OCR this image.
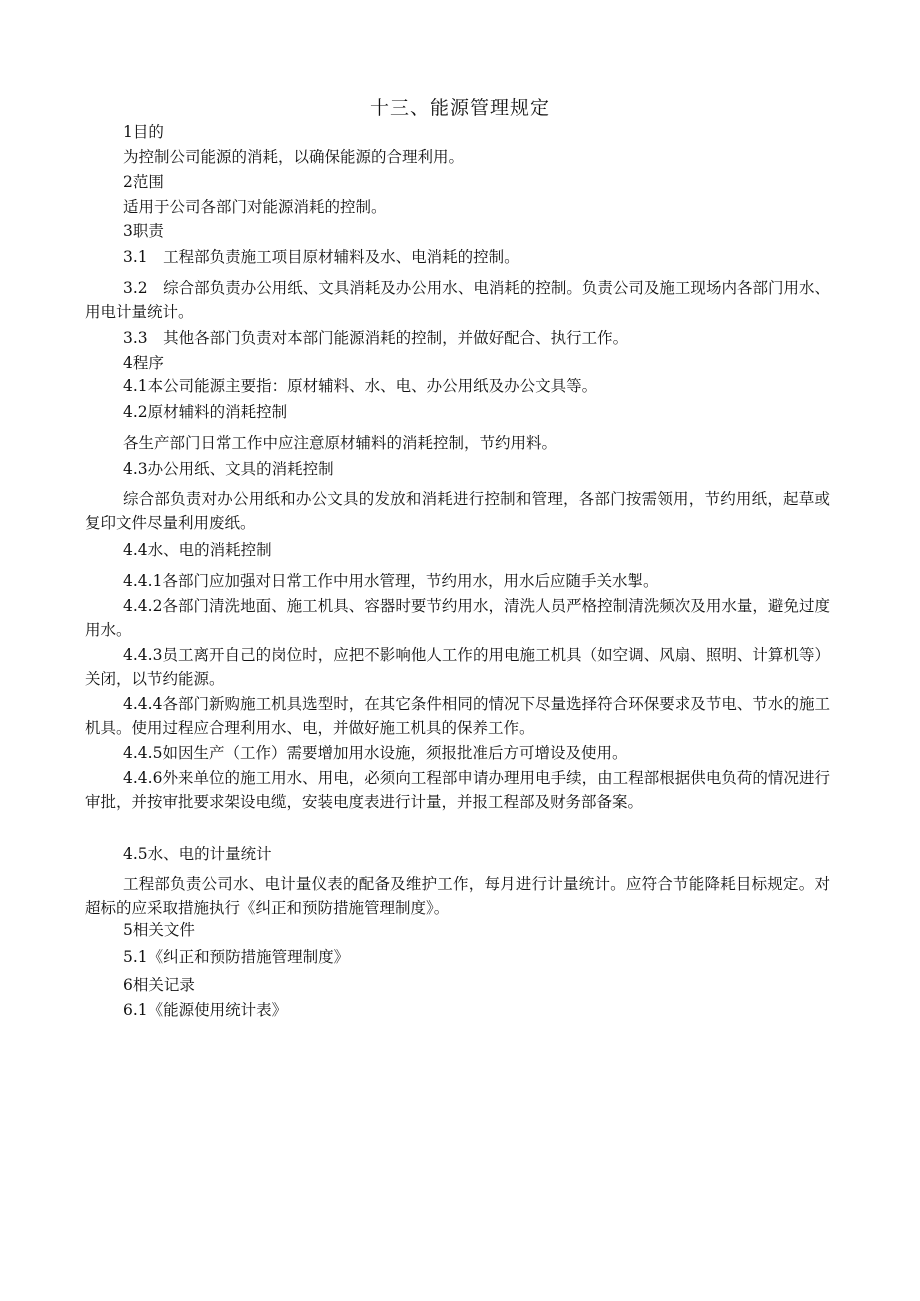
十三、能源管理规定
1目的
为控制公司能源的消耗，以确保能源的合理利用。
2范围
适用于公司各部门对能源消耗的控制。
3职责
3.1　工程部负责施工项目原材辅料及水、电消耗的控制。
3.2　综合部负责办公用纸、文具消耗及办公用水、电消耗的控制。负责公司及施工现场内各部门用水、用电计量统计。
3.3　其他各部门负责对本部门能源消耗的控制，并做好配合、执行工作。
4程序
4.1本公司能源主要指：原材辅料、水、电、办公用纸及办公文具等。
4.2原材辅料的消耗控制
各生产部门日常工作中应注意原材辅料的消耗控制，节约用料。
4.3办公用纸、文具的消耗控制
综合部负责对办公用纸和办公文具的发放和消耗进行控制和管理，各部门按需领用，节约用纸，起草或复印文件尽量利用废纸。
4.4水、电的消耗控制
4.4.1各部门应加强对日常工作中用水管理，节约用水，用水后应随手关水掣。
4.4.2各部门清洗地面、施工机具、容器时要节约用水，清洗人员严格控制清洗频次及用水量，避免过度用水。
4.4.3员工离开自己的岗位时，应把不影响他人工作的用电施工机具（如空调、风扇、照明、计算机等）关闭，以节约能源。
4.4.4各部门新购施工机具选型时，在其它条件相同的情况下尽量选择符合环保要求及节电、节水的施工机具。使用过程应合理利用水、电，并做好施工机具的保养工作。
4.4.5如因生产（工作）需要增加用水设施，须报批准后方可增设及使用。
4.4.6外来单位的施工用水、用电，必须向工程部申请办理用电手续，由工程部根据供电负荷的情况进行审批，并按审批要求架设电缆，安装电度表进行计量，并报工程部及财务部备案。
4.5水、电的计量统计
工程部负责公司水、电计量仪表的配备及维护工作，每月进行计量统计。应符合节能降耗目标规定。对超标的应采取措施执行《纠正和预防措施管理制度》。
5相关文件
5.1《纠正和预防措施管理制度》
6相关记录
6.1《能源使用统计表》
